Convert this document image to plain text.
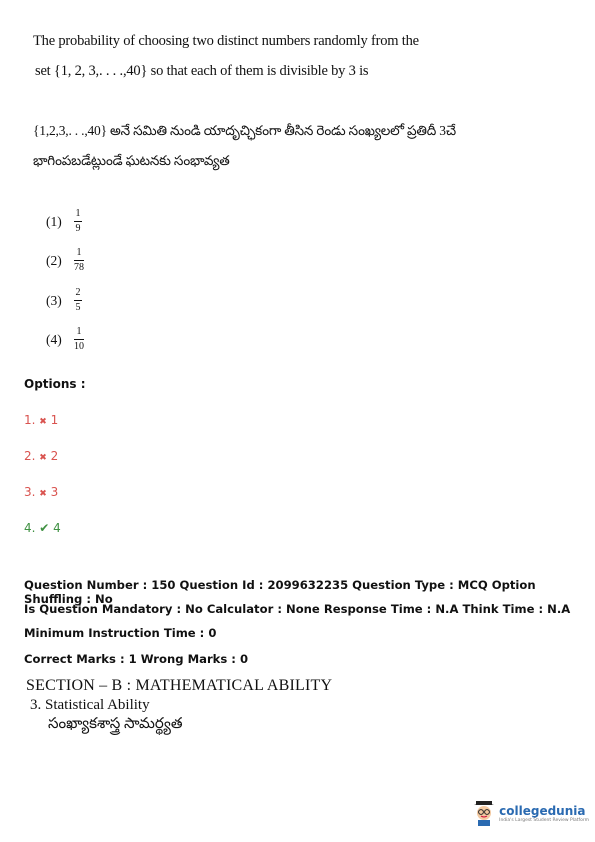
The probability of choosing two distinct numbers randomly from the
set {1, 2, 3,. . . .,40} so that each of them is divisible by 3 is
{1,2,3,. . .,40} అనే సమితి నుండి యాదృచ్ఛికంగా తీసిన రెండు సంఖ్యలలో ప్రతిదీ 3చే
భాగింపబడేట్లుండే ఘటనకు సంభావ్యత
(1)	$\frac{1}{9}$
(2)	$\frac{1}{78}$
(3)	$\frac{2}{5}$
(4)	$\frac{1}{10}$
Options :
1. ✖ 1
2. ✖ 2
3. ✖ 3
4. ✔ 4
Question Number : 150 Question Id : 2099632235 Question Type : MCQ Option Shuffling : No
Is Question Mandatory : No Calculator : None Response Time : N.A Think Time : N.A
Minimum Instruction Time : 0
Correct Marks : 1 Wrong Marks : 0
SECTION – B : MATHEMATICAL ABILITY
3. Statistical Ability
సంఖ్యాకశాస్త్ర సామర్థ్యత
collegedunia
India's Largest Student Review Platform
